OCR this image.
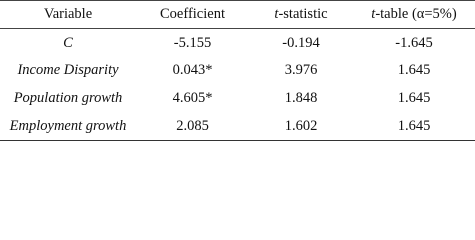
Variable	Coefficient	t-statistic	t-table (α=5%)
C	-5.155	-0.194	-1.645
Income Disparity	0.043*	3.976	1.645
Population growth	4.605*	1.848	1.645
Employment growth	2.085	1.602	1.645
